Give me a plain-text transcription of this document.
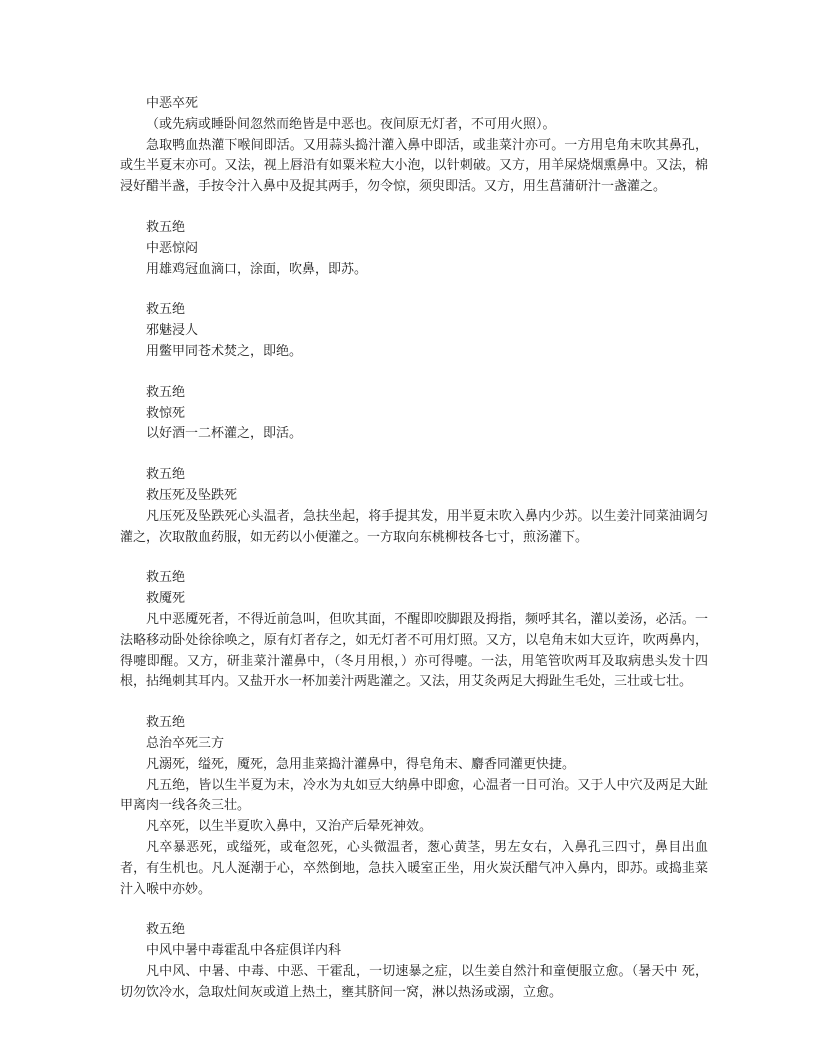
中恶卒死
（或先病或睡卧间忽然而绝皆是中恶也。夜间原无灯者，不可用火照）。

急取鸭血热灌下喉间即活。又用蒜头捣汁灌入鼻中即活，或韭菜汁亦可。一方用皂角末吹其鼻孔，或生半夏末亦可。又法，视上唇沿有如粟米粒大小泡，以针刺破。又方，用羊屎烧烟熏鼻中。又法，棉浸好醋半盏，手按令汁入鼻中及捉其两手，勿令惊，须臾即活。又方，用生菖蒲研汁一盏灌之。

救五绝
中恶惊闷

用雄鸡冠血滴口，涂面，吹鼻，即苏。

救五绝
邪魅浸人

用鳖甲同苍术焚之，即绝。

救五绝
救惊死

以好酒一二杯灌之，即活。

救五绝
救压死及坠跌死

凡压死及坠跌死心头温者，急扶坐起，将手提其发，用半夏末吹入鼻内少苏。以生姜汁同菜油调匀灌之，次取散血药服，如无药以小便灌之。一方取向东桃柳枝各七寸，煎汤灌下。

救五绝
救魇死

凡中恶魇死者，不得近前急叫，但吹其面，不醒即咬脚跟及拇指，频呼其名，灌以姜汤，必活。一法略移动卧处徐徐唤之，原有灯者存之，如无灯者不可用灯照。又方，以皂角末如大豆许，吹两鼻内，得嚏即醒。又方，研韭菜汁灌鼻中，（冬月用根，）亦可得嚏。一法，用笔管吹两耳及取病患头发十四根，拈绳刺其耳内。又盐开水一杯加姜汁两匙灌之。又法，用艾灸两足大拇趾生毛处，三壮或七壮。

救五绝
总治卒死三方

凡溺死，缢死，魇死，急用韭菜捣汁灌鼻中，得皂角末、麝香同灌更快捷。

凡五绝，皆以生半夏为末，冷水为丸如豆大纳鼻中即愈，心温者一日可治。又于人中穴及两足大趾甲离肉一线各灸三壮。

凡卒死，以生半夏吹入鼻中，又治产后晕死神效。

凡卒暴恶死，或缢死，或奄忽死，心头微温者，葱心黄茎，男左女右，入鼻孔三四寸，鼻目出血者，有生机也。凡人涎潮于心，卒然倒地，急扶入暖室正坐，用火炭沃醋气冲入鼻内，即苏。或捣韭菜汁入喉中亦妙。

救五绝
中风中暑中毒霍乱中各症俱详内科

凡中风、中暑、中毒、中恶、干霍乱，一切速暴之症，以生姜自然汁和童便服立愈。（暑天中 死，切勿饮冷水，急取灶间灰或道上热土，壅其脐间一窝，淋以热汤或溺，立愈。
